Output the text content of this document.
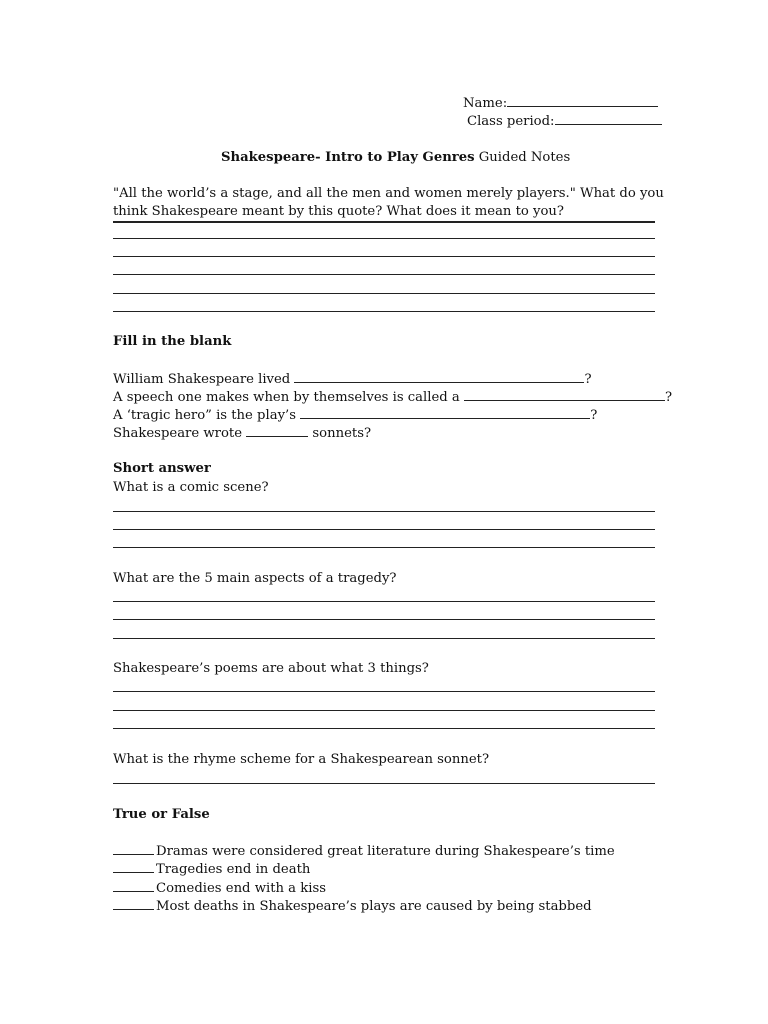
Name:
Class period:
Shakespeare- Intro to Play Genres Guided Notes
"All the world’s a stage, and all the men and women merely players." What do you
think Shakespeare meant by this quote? What does it mean to you?
Fill in the blank
William Shakespeare lived	?
A speech one makes when by themselves is called a	?
A ‘tragic hero” is the play’s	?
Shakespeare wrote	sonnets?
Short answer
What is a comic scene?
What are the 5 main aspects of a tragedy?
Shakespeare’s poems are about what 3 things?
What is the rhyme scheme for a Shakespearean sonnet?
True or False
Dramas were considered great literature during Shakespeare’s time
Tragedies end in death
Comedies end with a kiss
Most deaths in Shakespeare’s plays are caused by being stabbed
